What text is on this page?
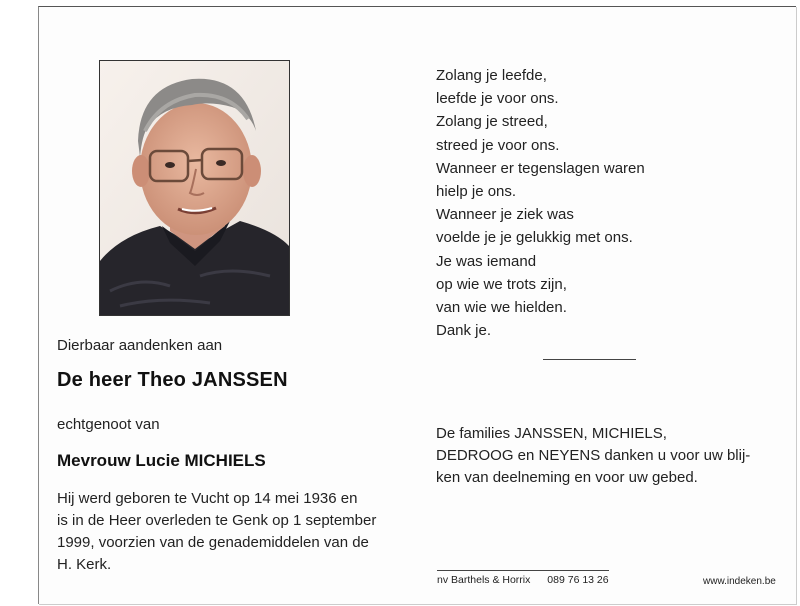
Dierbaar aandenken aan
De heer Theo JANSSEN
echtgenoot van
Mevrouw Lucie MICHIELS
Hij werd geboren te Vucht op 14 mei 1936 en
is in de Heer overleden te Genk op 1 september
1999, voorzien van de genademiddelen van de
H. Kerk.
Zolang je leefde,
leefde je voor ons.
Zolang je streed,
streed je voor ons.
Wanneer er tegenslagen waren
hielp je ons.
Wanneer je ziek was
voelde je je gelukkig met ons.
Je was iemand
op wie we trots zijn,
van wie we hielden.
Dank je.
De families JANSSEN, MICHIELS,
DEDROOG en NEYENS danken u voor uw blij-
ken van deelneming en voor uw gebed.
nv Barthels & Horrix 089 76 13 26	www.indeken.be
